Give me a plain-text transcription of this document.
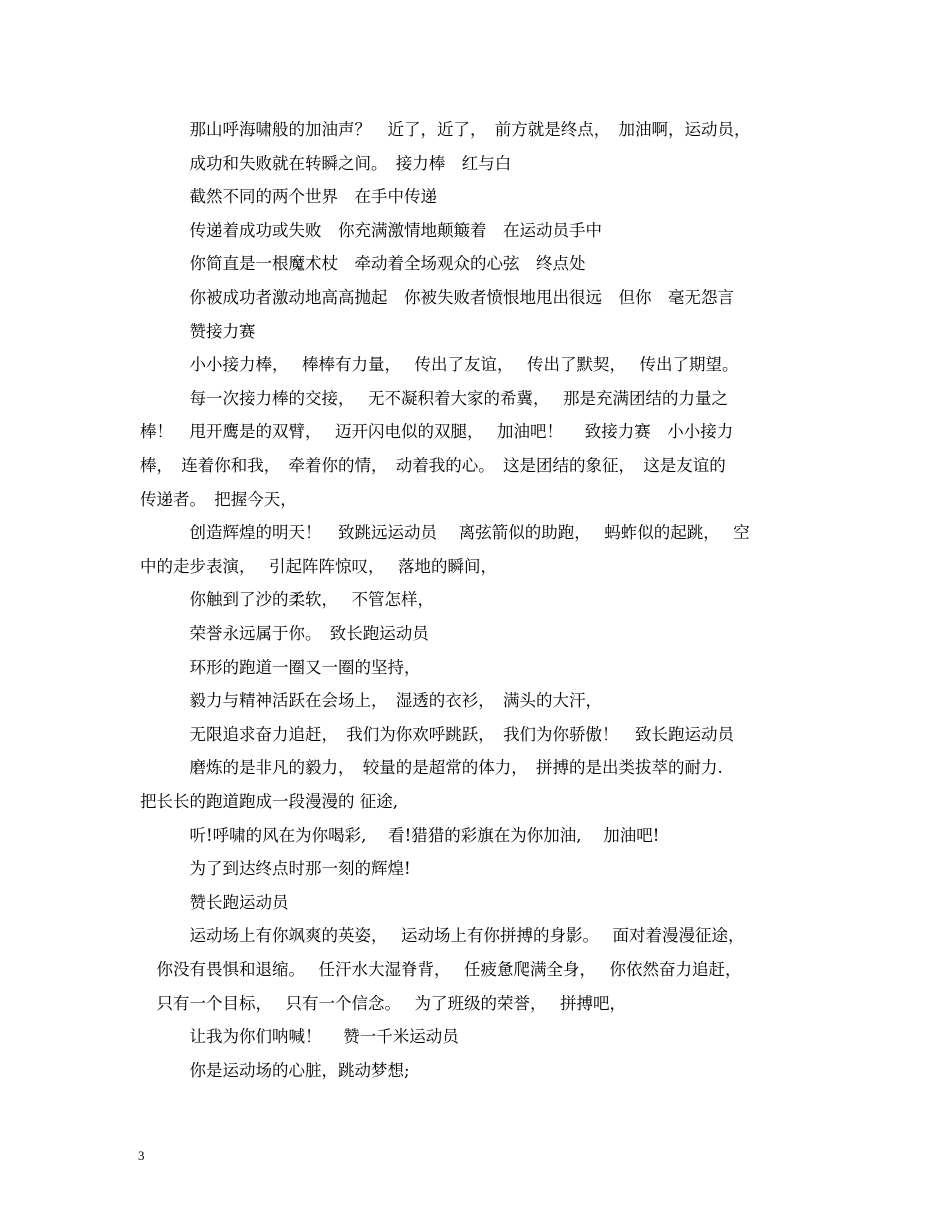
　　　那山呼海啸般的加油声？　近了，近了，　前方就是终点，　加油啊，运动员，
　　　成功和失败就在转瞬之间。　接力棒　红与白
　　　截然不同的两个世界　在手中传递
　　　传递着成功或失败　你充满激情地颠簸着　在运动员手中
　　　你简直是一根魔术杖　牵动着全场观众的心弦　终点处
　　　你被成功者激动地高高抛起　你被失败者愤恨地甩出很远　但你　毫无怨言
　　　赞接力赛
　　　小小接力棒，　 棒棒有力量，　 传出了友谊，　 传出了默契，　 传出了期望。
　　　每一次接力棒的交接，　 无不凝积着大家的希冀，　 那是充满团结的力量之
棒！　甩开鹰是的双臂，　 迈开闪电似的双腿，　 加油吧！　 致接力赛　小小接力
棒，　连着你和我，　牵着你的情，　动着我的心。　这是团结的象征，　这是友谊的
传递者。　把握今天，
　　　创造辉煌的明天！　致跳远运动员　 离弦箭似的助跑，　 蚂蚱似的起跳，　 空
中的走步表演，　 引起阵阵惊叹，　 落地的瞬间，
　　　你触到了沙的柔软，　 不管怎样，
　　　荣誉永远属于你。　致长跑运动员
　　　环形的跑道一圈又一圈的坚持，
　　　毅力与精神活跃在会场上，　湿透的衣衫，　满头的大汗，
　　　无限追求奋力追赶，　我们为你欢呼跳跃，　我们为你骄傲！　致长跑运动员
　　　磨炼的是非凡的毅力，　较量的是超常的体力，　拼搏的是出类拔萃的耐力.
把长长的跑道跑成一段漫漫的 征途,
　　　听!呼啸的风在为你喝彩,　 看!猎猎的彩旗在为你加油,　 加油吧!
　　　为了到达终点时那一刻的辉煌!
　　　赞长跑运动员
　　　运动场上有你飒爽的英姿，　 运动场上有你拼搏的身影。　 面对着漫漫征途，
　你没有畏惧和退缩。　 任汗水大湿脊背，　 任疲惫爬满全身，　 你依然奋力追赶，
　只有一个目标，　 只有一个信念。　 为了班级的荣誉，　 拼搏吧，
　　　让我为你们呐喊！　 赞一千米运动员
　　　你是运动场的心脏，跳动梦想;
3
